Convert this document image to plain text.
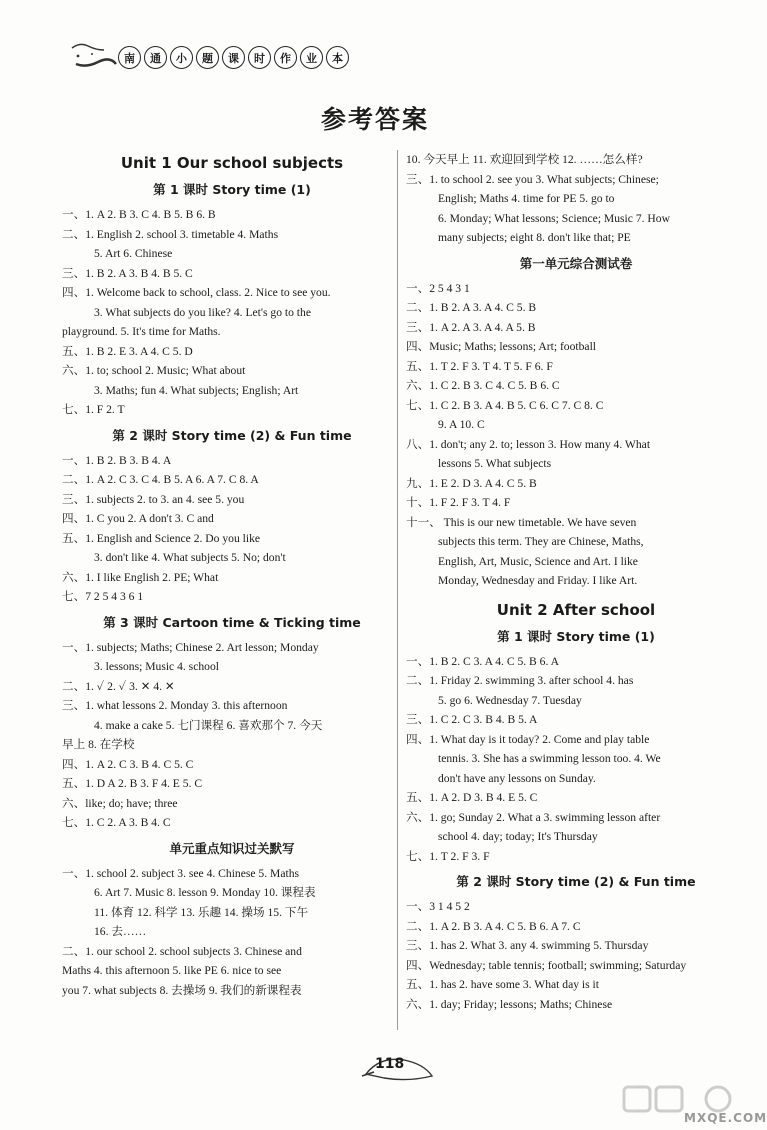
南	通	小	题	课	时	作	业	本
参考答案
Unit 1 Our school subjects
第 1 课时 Story time (1)
一、1. A 2. B 3. C 4. B 5. B 6. B
二、1. English 2. school 3. timetable 4. Maths
5. Art 6. Chinese
三、1. B 2. A 3. B 4. B 5. C
四、1. Welcome back to school, class. 2. Nice to see you.
3. What subjects do you like? 4. Let's go to the
playground. 5. It's time for Maths.
五、1. B 2. E 3. A 4. C 5. D
六、1. to; school 2. Music; What about
3. Maths; fun 4. What subjects; English; Art
七、1. F 2. T
第 2 课时 Story time (2) & Fun time
一、1. B 2. B 3. B 4. A
二、1. A 2. C 3. C 4. B 5. A 6. A 7. C 8. A
三、1. subjects 2. to 3. an 4. see 5. you
四、1. C you 2. A don't 3. C and
五、1. English and Science 2. Do you like
3. don't like 4. What subjects 5. No; don't
六、1. I like English 2. PE; What
七、7 2 5 4 3 6 1
第 3 课时 Cartoon time & Ticking time
一、1. subjects; Maths; Chinese 2. Art lesson; Monday
3. lessons; Music 4. school
二、1. ✓ 2. ✓ 3. ✕ 4. ✕
三、1. what lessons 2. Monday 3. this afternoon
4. make a cake 5. 七门课程 6. 喜欢那个 7. 今天
早上 8. 在学校
四、1. A 2. C 3. B 4. C 5. C
五、1. D A 2. B 3. F 4. E 5. C
六、like; do; have; three
七、1. C 2. A 3. B 4. C
单元重点知识过关默写
一、1. school 2. subject 3. see 4. Chinese 5. Maths
6. Art 7. Music 8. lesson 9. Monday 10. 课程表
11. 体育 12. 科学 13. 乐趣 14. 操场 15. 下午
16. 去……
二、1. our school 2. school subjects 3. Chinese and
Maths 4. this afternoon 5. like PE 6. nice to see
you 7. what subjects 8. 去操场 9. 我们的新课程表
10. 今天早上 11. 欢迎回到学校 12. ……怎么样?
三、1. to school 2. see you 3. What subjects; Chinese;
English; Maths 4. time for PE 5. go to
6. Monday; What lessons; Science; Music 7. How
many subjects; eight 8. don't like that; PE
第一单元综合测试卷
一、2 5 4 3 1
二、1. B 2. A 3. A 4. C 5. B
三、1. A 2. A 3. A 4. A 5. B
四、Music; Maths; lessons; Art; football
五、1. T 2. F 3. T 4. T 5. F 6. F
六、1. C 2. B 3. C 4. C 5. B 6. C
七、1. C 2. B 3. A 4. B 5. C 6. C 7. C 8. C
9. A 10. C
八、1. don't; any 2. to; lesson 3. How many 4. What
lessons 5. What subjects
九、1. E 2. D 3. A 4. C 5. B
十、1. F 2. F 3. T 4. F
十一、 This is our new timetable. We have seven
subjects this term. They are Chinese, Maths,
English, Art, Music, Science and Art. I like
Monday, Wednesday and Friday. I like Art.
Unit 2 After school
第 1 课时 Story time (1)
一、1. B 2. C 3. A 4. C 5. B 6. A
二、1. Friday 2. swimming 3. after school 4. has
5. go 6. Wednesday 7. Tuesday
三、1. C 2. C 3. B 4. B 5. A
四、1. What day is it today? 2. Come and play table
tennis. 3. She has a swimming lesson too. 4. We
don't have any lessons on Sunday.
五、1. A 2. D 3. B 4. E 5. C
六、1. go; Sunday 2. What a 3. swimming lesson after
school 4. day; today; It's Thursday
七、1. T 2. F 3. F
第 2 课时 Story time (2) & Fun time
一、3 1 4 5 2
二、1. A 2. B 3. A 4. C 5. B 6. A 7. C
三、1. has 2. What 3. any 4. swimming 5. Thursday
四、Wednesday; table tennis; football; swimming; Saturday
五、1. has 2. have some 3. What day is it
六、1. day; Friday; lessons; Maths; Chinese
118
MXQE.COM
